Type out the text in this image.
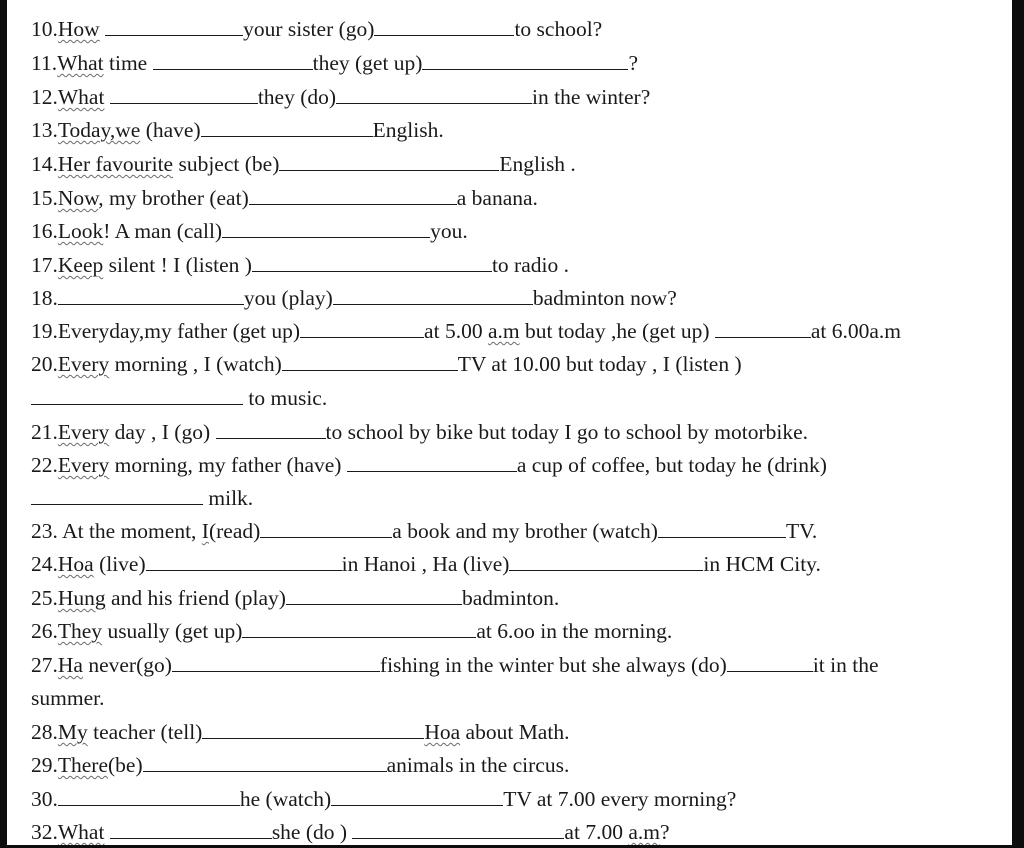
10.How	your sister (go)	to school?
11.What time	they (get up)	?
12.What	they (do)	in the winter?
13.Today,we (have)	English.
14.Her favourite subject (be)	English .
15.Now, my brother (eat)	a banana.
16.Look! A man (call)	you.
17.Keep silent ! I (listen )	to radio .
18.	you (play)	badminton now?
19.Everyday,my father (get up)	at 5.00 a.m but today ,he (get up)	at 6.00a.m
20.Every morning , I (watch)	TV at 10.00 but today , I (listen )
to music.
21.Every day , I (go)	to school by bike but today I go to school by motorbike.
22.Every morning, my father (have)	a cup of coffee, but today he (drink)
milk.
23. At the moment, I(read)	a book and my brother (watch)	TV.
24.Hoa (live)	in Hanoi , Ha (live)	in HCM City.
25.Hung and his friend (play)	badminton.
26.They usually (get up)	at 6.oo in the morning.
27.Ha never(go)	fishing in the winter but she always (do)	it in the
summer.
28.My teacher (tell)	Hoa about Math.
29.There(be)	animals in the circus.
30.	he (watch)	TV at 7.00 every morning?
32.What	she (do )	at 7.00 a.m?
